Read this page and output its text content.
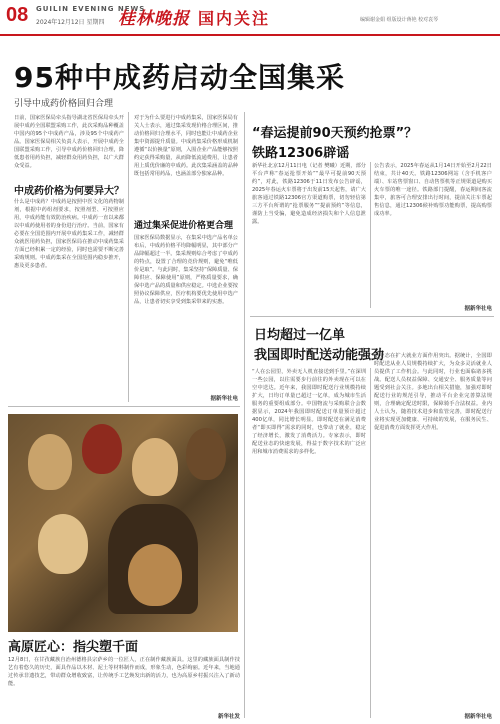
08 GUILIN EVENING NEWS
2024年12月12日 星期四 桂林晚报 国内关注	编辑谢金娟 组版设计蒋艳 校对袁琴
95种中成药启动全国集采
引导中成药价格回归合理
日前，国家医保局牵头指导湖北省医保局牵头开展中成药全国联盟采购工作，此次采购品种覆盖中国内的95个中成药产品，涉及95个中成药产品。国家医保局相关负责人表示，开展中成药全国联盟采购工作，引导中成药价格回归合理，降低患者用药负担，减轻群众用药负担，以广大群众受益。
中成药价格为何要异大？
什么是中成药？中成药是按照中医文化的药物制剂，根据中药组剂要求，按照剂型、可按照应用，中成药能有效防治疾病。中成药一直以来都以中成药使用者的身份进行治疗。当前，国家有必要在全国范围内开展中成药集采工作，减轻群众就医用药负担，国家医保局在推动中成药集采方面已经积累一定的经验，同时也需要不断完善采购规则。中成药集采在全国范围内稳步推开，惠及更多患者。
对于为什么要进行中成药集采，国家医保局有关人士表示，通过集采发现价格合理区间，推动价格回归合理水平，同时也能让中成药企业集中资源提升质量。中成药集采价格形成机制遵循“以价换量”原则，入围企业产品能够按照约定获得采购量，从而降低流通费用，让患者用上质优价廉的中成药。此次集采涵盖的品种既包括常用药品，也涵盖部分独家品种。
通过集采促进价格更合理
国家医保局数据显示，在集采中选产品名单公布后，中成药价格平均降幅明显，其中部分产品降幅超过一半。集采规则综合考虑了中成药的特点，设置了合理的竞价规则，避免“唯低价是取”。与此同时，集采坚持“保障质量、保障供应、保障使用”原则，严格质量要求，确保中选产品的质量和供应稳定。中选企业要按照协议保障供应，医疗机构要优先使用中选产品，让患者切实享受到集采带来的实惠。
据新华社电
高原匠心：指尖塑千面
12月8日，在甘孜藏族自治州德格县宗萨乡的一位匠人，正在制作藏族面具。这里的藏族面具制作技艺有着悠久的历史，面具作品以木材、泥土等材料制作而成，形象生动，色彩绚丽。近年来，当地通过传承非遗技艺，带动群众增收致富，让传统手工艺焕发出新的活力，也为高原乡村振兴注入了新动能。
新华社发
“春运提前90天预约抢票”？
铁路12306辟谣
新华社北京12月11日电（记者 樊曦）近期，部分平台声称“春运抢票开始”“最早可提前90天预约”，对此，铁路12306于11日发布公告辟谣，2025年春运火车票将于出发前15天起售，请广大旅客通过铁路12306官方渠道购票，切勿轻信第三方平台所谓的“抢票服务”“提前预约”等信息，谨防上当受骗，避免造成经济损失和个人信息泄露。
公告表示，2025年春运从1月14日开始至2月22日结束，共计40天。铁路12306网站（含手机客户端）、车站售票窗口、自动售票机等正规渠道是购买火车票的唯一途径。铁路部门提醒，春运期间客流集中，旅客可合理安排出行时间，提前关注车票起售信息，通过12306候补购票功能购票，提高购票成功率。
据新华社电
日均超过一亿单
我国即时配送动能强劲
“人在公园里，外卖无人机直接送到手里。”在深圳一些公园，以往需要步行前往的外卖现在可以在空中送达。近年来，我国即时配送行业规模持续扩大，日均订单量已超过一亿单，成为城市生活服务的重要组成部分。中国物流与采购联合会数据显示，2024年我国即时配送订单量预计超过400亿单，同比增长明显。即时配送在满足消费者“即买即得”需求的同时，也带动了就业，稳定了经济增长，激发了消费活力。专家表示，即时配送业态的快速发展，得益于数字技术的广泛应用和城市消费需求的多样化。
新业态在扩大就业方面作用突出。据统计，全国即时配送从业人员规模持续扩大，为众多灵活就业人员提供了工作机会。与此同时，行业也面临诸多挑战。配送人员权益保障、交通安全、服务质量等问题受到社会关注。多地出台相关措施，加强对即时配送行业的规范引导，推动平台企业完善算法规则，合理确定配送时限，保障骑手合法权益。业内人士认为，随着技术进步和监管完善，即时配送行业将实现更加健康、可持续的发展，在服务民生、促进消费方面发挥更大作用。
据新华社电
